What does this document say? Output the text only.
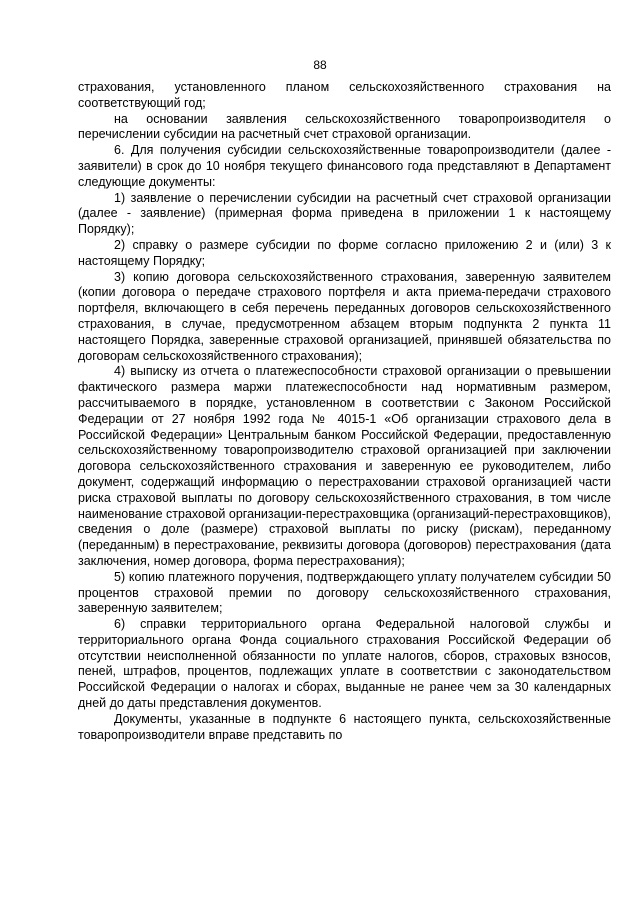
88

страхования, установленного планом сельскохозяйственного страхования на соответствующий год;

на основании заявления сельскохозяйственного товаропроизводителя о перечислении субсидии на расчетный счет страховой организации.

6. Для получения субсидии сельскохозяйственные товаропроизводители (далее - заявители) в срок до 10 ноября текущего финансового года представляют в Департамент следующие документы:

1) заявление о перечислении субсидии на расчетный счет страховой организации (далее - заявление) (примерная форма приведена в приложении 1 к настоящему Порядку);

2) справку о размере субсидии по форме согласно приложению 2 и (или) 3 к настоящему Порядку;

3) копию договора сельскохозяйственного страхования, заверенную заявителем (копии договора о передаче страхового портфеля и акта приема-передачи страхового портфеля, включающего в себя перечень переданных договоров сельскохозяйственного страхования, в случае, предусмотренном абзацем вторым подпункта 2 пункта 11 настоящего Порядка, заверенные страховой организацией, принявшей обязательства по договорам сельскохозяйственного страхования);

4) выписку из отчета о платежеспособности страховой организации о превышении фактического размера маржи платежеспособности над нормативным размером, рассчитываемого в порядке, установленном в соответствии с Законом Российской Федерации от 27 ноября 1992 года № 4015-1 «Об организации страхового дела в Российской Федерации» Центральным банком Российской Федерации, предоставленную сельскохозяйственному товаропроизводителю страховой организацией при заключении договора сельскохозяйственного страхования и заверенную ее руководителем, либо документ, содержащий информацию о перестраховании страховой организацией части риска страховой выплаты по договору сельскохозяйственного страхования, в том числе наименование страховой организации-перестраховщика (организаций-перестраховщиков), сведения о доле (размере) страховой выплаты по риску (рискам), переданному (переданным) в перестрахование, реквизиты договора (договоров) перестрахования (дата заключения, номер договора, форма перестрахования);

5) копию платежного поручения, подтверждающего уплату получателем субсидии 50 процентов страховой премии по договору сельскохозяйственного страхования, заверенную заявителем;

6) справки территориального органа Федеральной налоговой службы и территориального органа Фонда социального страхования Российской Федерации об отсутствии неисполненной обязанности по уплате налогов, сборов, страховых взносов, пеней, штрафов, процентов, подлежащих уплате в соответствии с законодательством Российской Федерации о налогах и сборах, выданные не ранее чем за 30 календарных дней до даты представления документов.

Документы, указанные в подпункте 6 настоящего пункта, сельскохозяйственные товаропроизводители вправе представить по
